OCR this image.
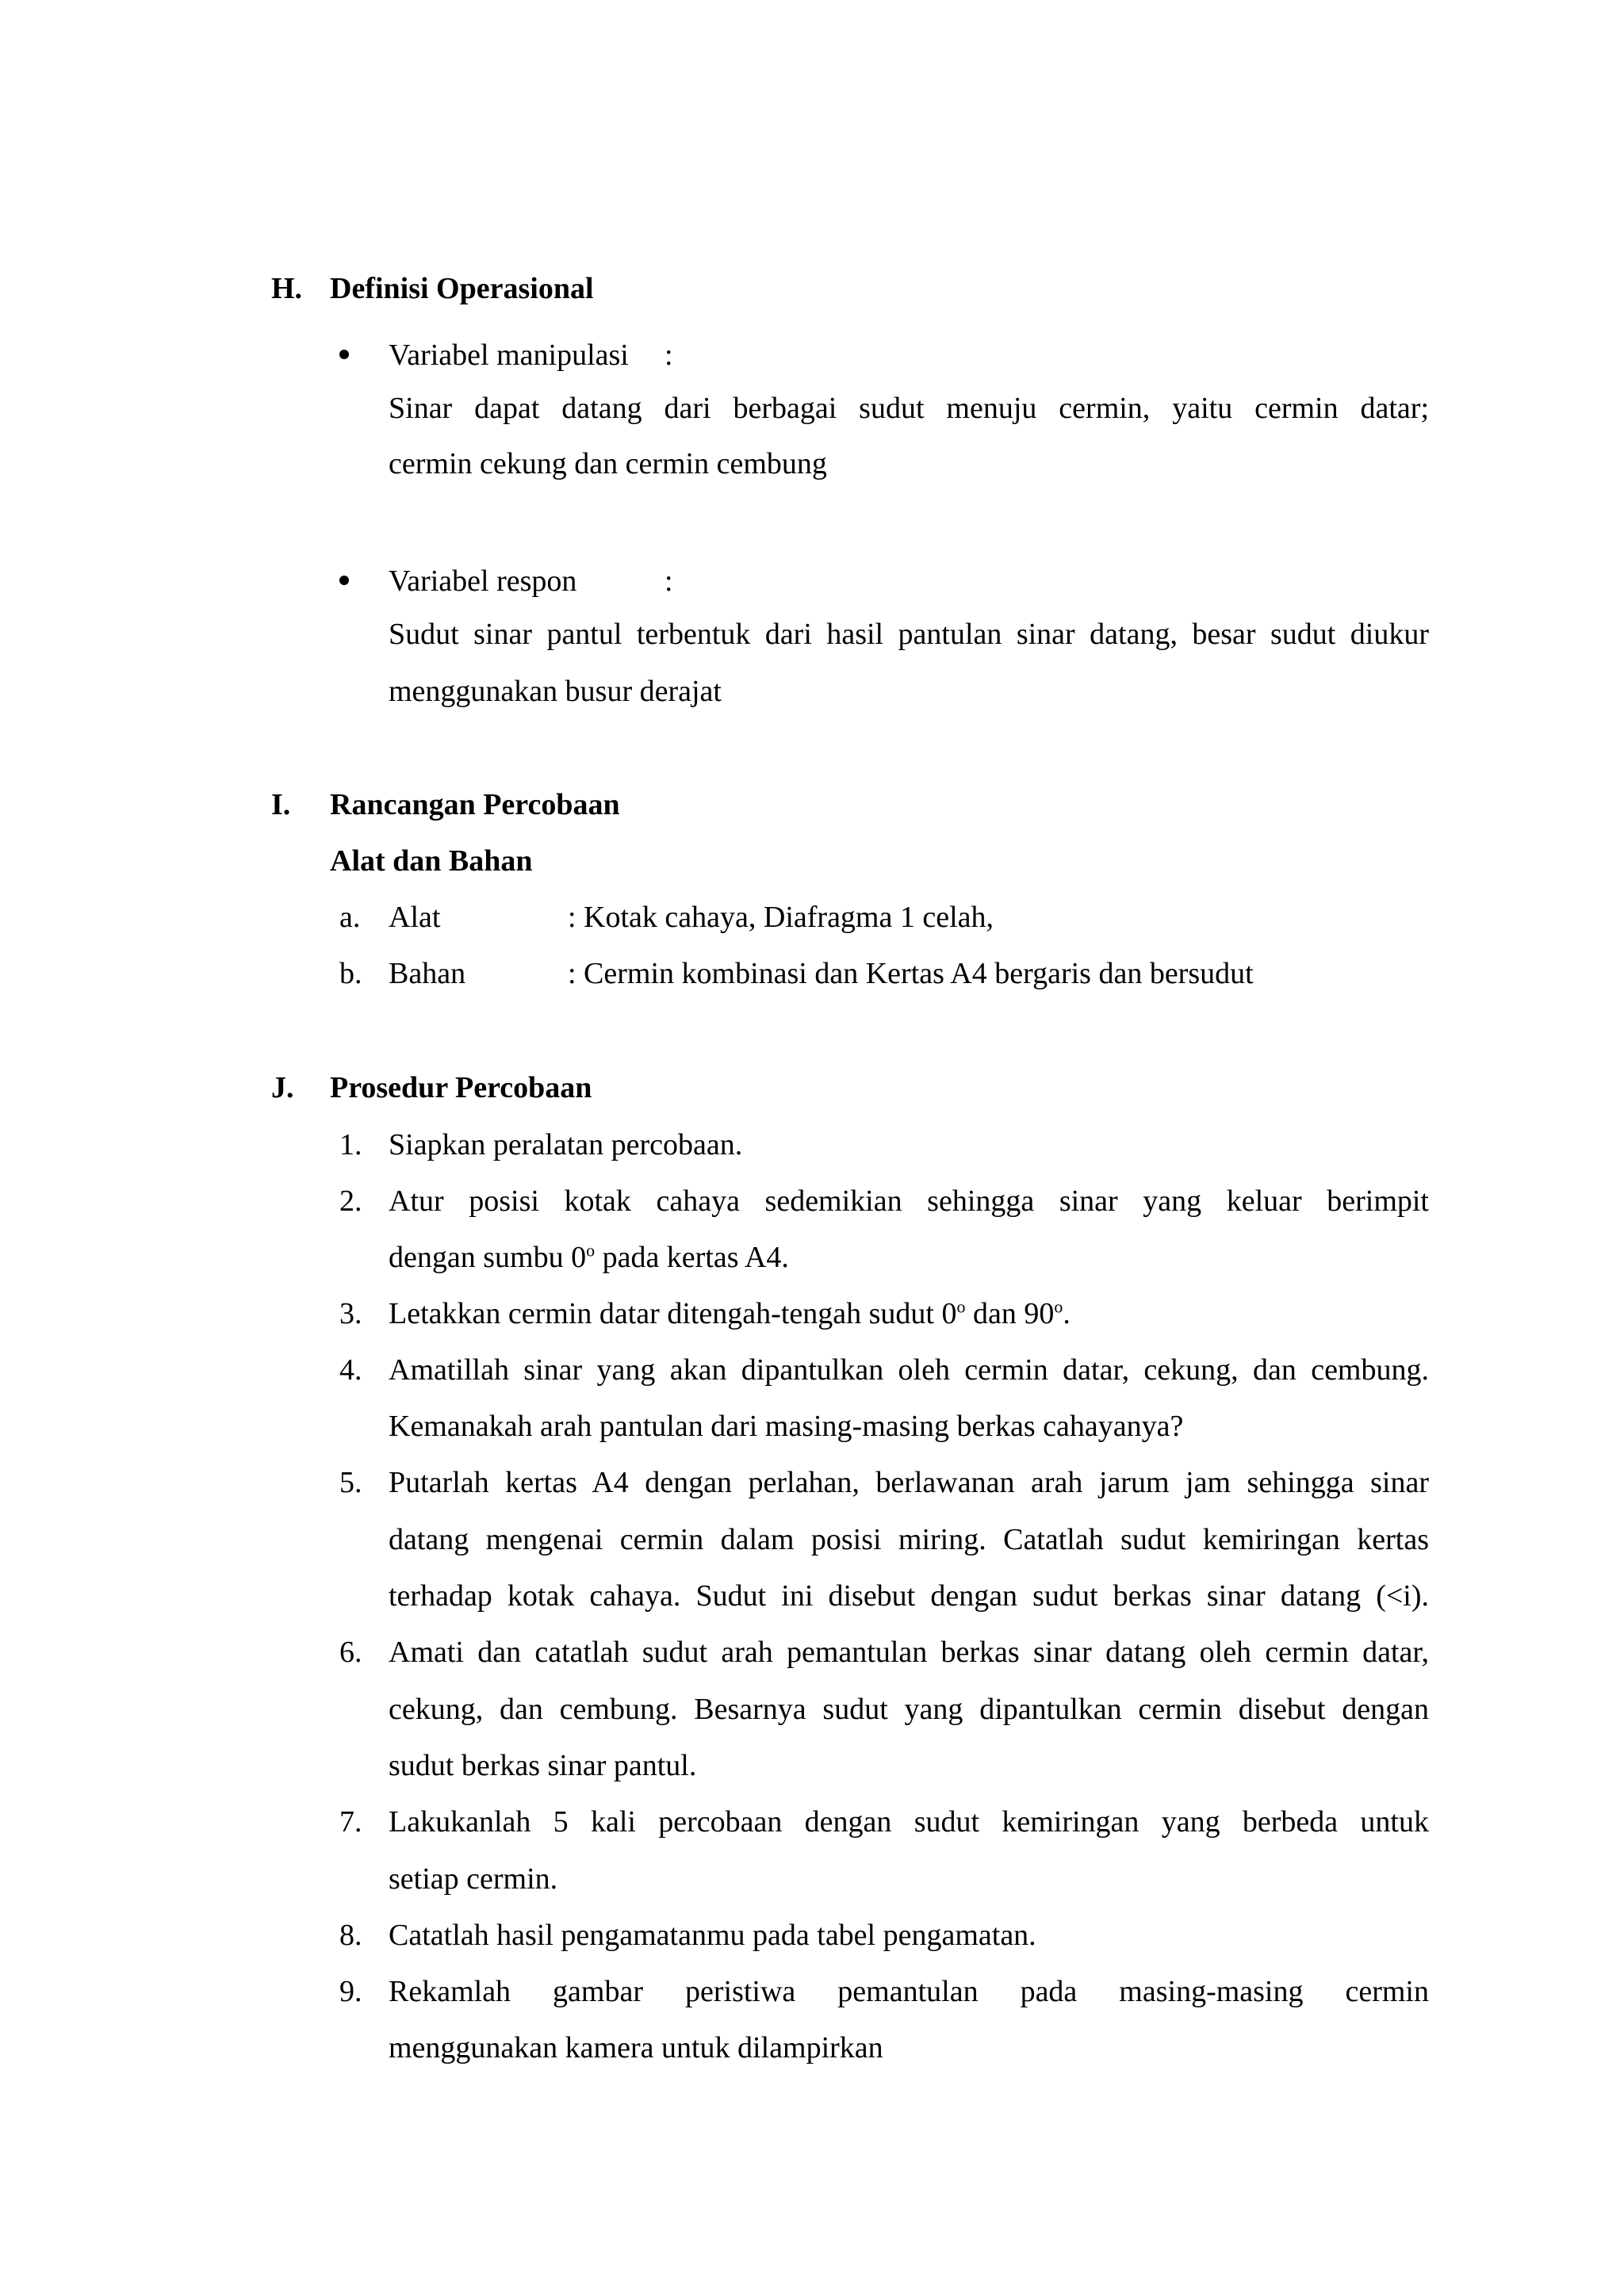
H. Definisi Operasional
Variabel manipulasi :
Sinar dapat datang dari berbagai sudut menuju cermin, yaitu cermin datar;
cermin cekung dan cermin cembung
Variabel respon	:
Sudut sinar pantul terbentuk dari hasil pantulan sinar datang, besar sudut diukur
menggunakan busur derajat
I. Rancangan Percobaan
Alat dan Bahan
a. Alat	: Kotak cahaya, Diafragma 1 celah,
b. Bahan	: Cermin kombinasi dan Kertas A4 bergaris dan bersudut
J. Prosedur Percobaan
1. Siapkan peralatan percobaan.
2. Atur posisi kotak cahaya sedemikian sehingga sinar yang keluar berimpit
dengan sumbu 0$^o$ pada kertas A4.
3. Letakkan cermin datar ditengah-tengah sudut 0$^o$ dan 90$^o$.
4. Amatillah sinar yang akan dipantulkan oleh cermin datar, cekung, dan cembung.
Kemanakah arah pantulan dari masing-masing berkas cahayanya?
5. Putarlah kertas A4 dengan perlahan, berlawanan arah jarum jam sehingga sinar
datang mengenai cermin dalam posisi miring. Catatlah sudut kemiringan kertas
terhadap kotak cahaya. Sudut ini disebut dengan sudut berkas sinar datang (<i).
6. Amati dan catatlah sudut arah pemantulan berkas sinar datang oleh cermin datar,
cekung, dan cembung. Besarnya sudut yang dipantulkan cermin disebut dengan
sudut berkas sinar pantul.
7. Lakukanlah 5 kali percobaan dengan sudut kemiringan yang berbeda untuk
setiap cermin.
8. Catatlah hasil pengamatanmu pada tabel pengamatan.
9. Rekamlah gambar peristiwa pemantulan pada masing-masing cermin
menggunakan kamera untuk dilampirkan
